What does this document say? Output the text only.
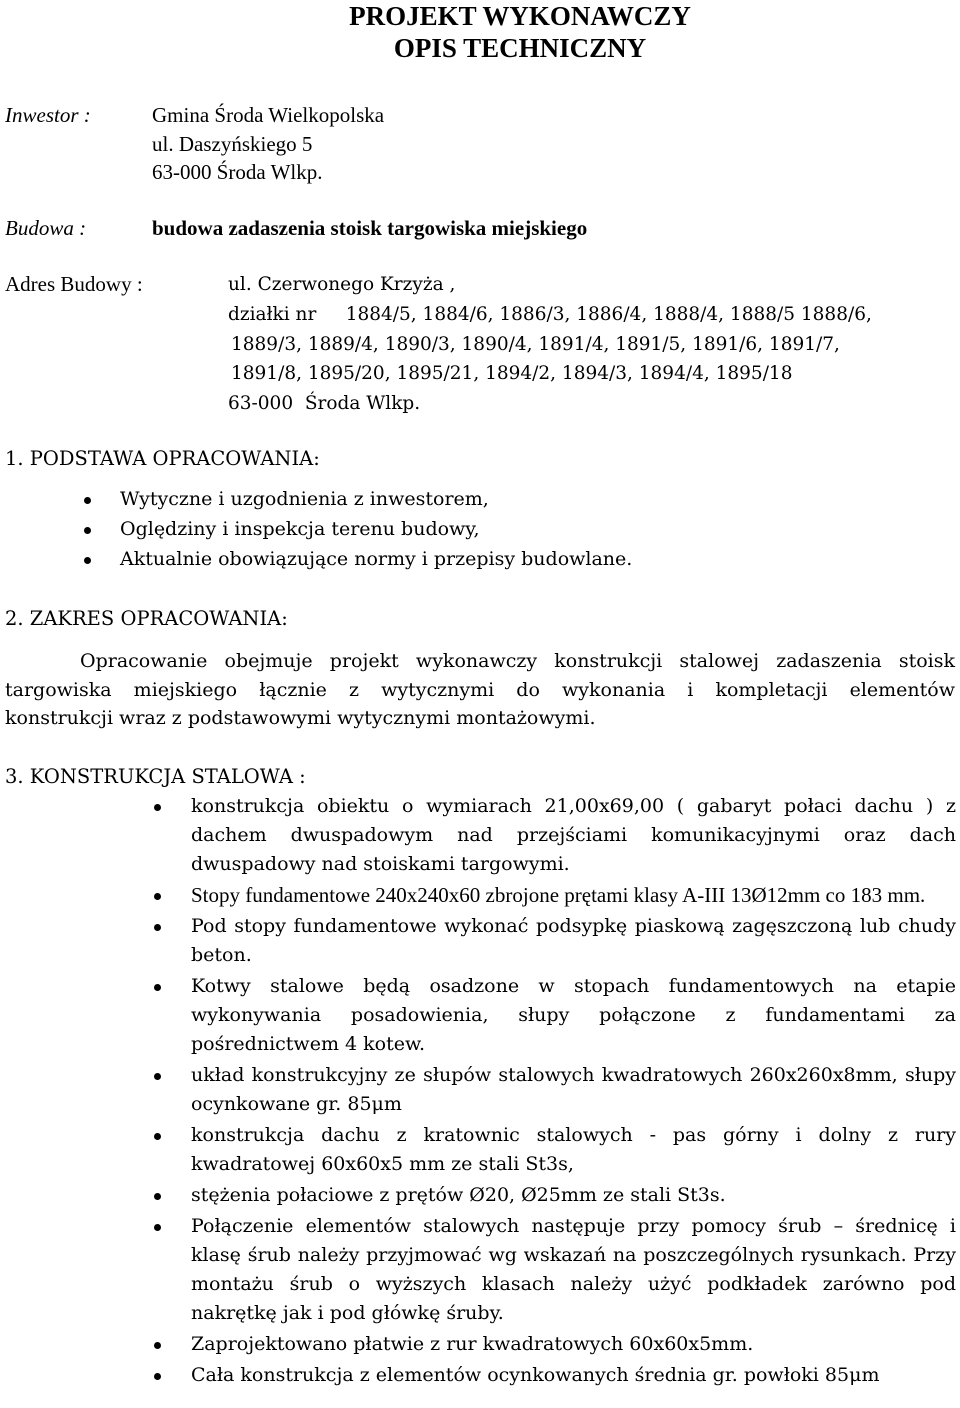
PROJEKT WYKONAWCZY
OPIS TECHNICZNY
Inwestor :	Gmina Środa Wielkopolska
ul. Daszyńskiego 5
63-000 Środa Wlkp.
Budowa :	budowa zadaszenia stoisk targowiska miejskiego
Adres Budowy :	ul. Czerwonego Krzyża ,
działki nr     1884/5, 1884/6, 1886/3, 1886/4, 1888/4, 1888/5 1888/6,
1889/3, 1889/4, 1890/3, 1890/4, 1891/4, 1891/5, 1891/6, 1891/7,
1891/8, 1895/20, 1895/21, 1894/2, 1894/3, 1894/4, 1895/18
63-000  Środa Wlkp.
1. PODSTAWA OPRACOWANIA:
Wytyczne i uzgodnienia z inwestorem,
Oględziny i inspekcja terenu budowy,
Aktualnie obowiązujące normy i przepisy budowlane.
2. ZAKRES OPRACOWANIA:
Opracowanie obejmuje projekt wykonawczy konstrukcji stalowej zadaszenia stoisk
targowiska miejskiego łącznie z wytycznymi do wykonania i kompletacji elementów
konstrukcji wraz z podstawowymi wytycznymi montażowymi.
3. KONSTRUKCJA STALOWA :
konstrukcja obiektu o wymiarach 21,00x69,00 ( gabaryt połaci dachu ) z dachem dwuspadowym nad przejściami komunikacyjnymi oraz dach dwuspadowy nad stoiskami targowymi.
Stopy fundamentowe 240x240x60 zbrojone prętami klasy A-III 13Ø12mm co 183 mm.
Pod stopy fundamentowe wykonać podsypkę piaskową zagęszczoną lub chudy beton.
Kotwy stalowe będą osadzone w stopach fundamentowych na etapie wykonywania posadowienia, słupy połączone z fundamentami za pośrednictwem 4 kotew.
układ konstrukcyjny ze słupów stalowych kwadratowych 260x260x8mm, słupy ocynkowane gr. 85μm
konstrukcja dachu z kratownic stalowych - pas górny i dolny z rury kwadratowej 60x60x5 mm ze stali St3s,
stężenia połaciowe z prętów Ø20, Ø25mm ze stali St3s.
Połączenie elementów stalowych następuje przy pomocy śrub – średnicę i klasę śrub należy przyjmować wg wskazań na poszczególnych rysunkach. Przy montażu śrub o wyższych klasach należy użyć podkładek zarówno pod nakrętkę jak i pod główkę śruby.
Zaprojektowano płatwie z rur kwadratowych 60x60x5mm.
Cała konstrukcja z elementów ocynkowanych średnia gr. powłoki 85μm
